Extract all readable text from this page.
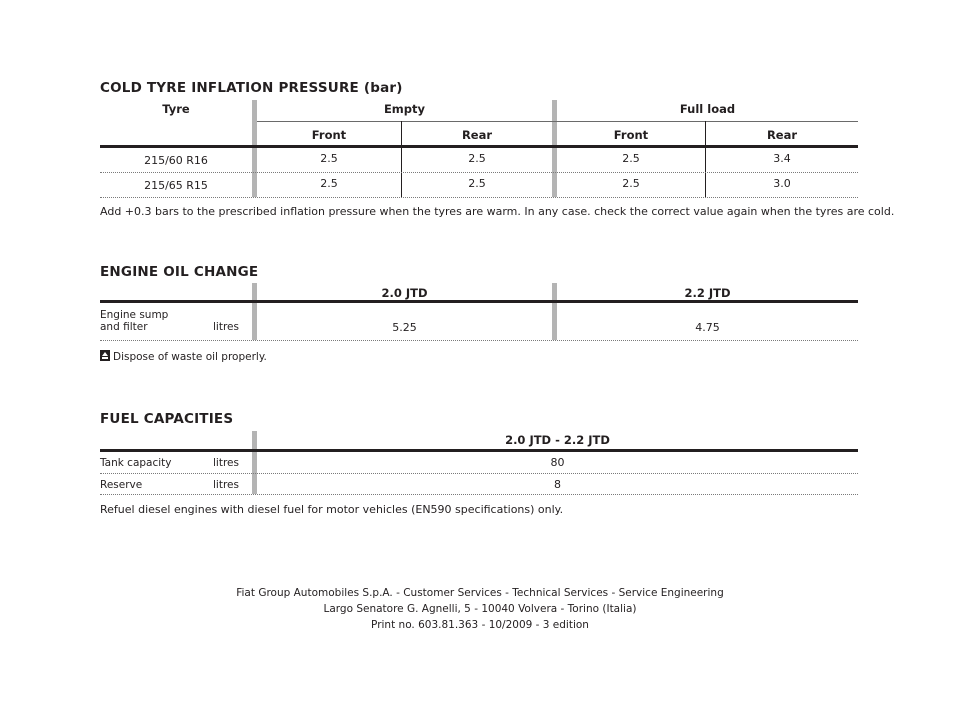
COLD TYRE INFLATION PRESSURE (bar)
Tyre	Empty	Full load
Front	Rear	Front	Rear
215/60 R16	2.5	2.5	2.5	3.4
215/65 R15	2.5	2.5	2.5	3.0
Add +0.3 bars to the prescribed inflation pressure when the tyres are warm. In any case. check the correct value again when the tyres are cold.
ENGINE OIL CHANGE
2.0 JTD	2.2 JTD
Engine sump
and filter	litres	5.25	4.75
Dispose of waste oil properly.
FUEL CAPACITIES
2.0 JTD - 2.2 JTD
Tank capacity	litres	80
Reserve	litres	8
Refuel diesel engines with diesel fuel for motor vehicles (EN590 specifications) only.
Fiat Group Automobiles S.p.A. - Customer Services - Technical Services - Service Engineering
Largo Senatore G. Agnelli, 5 - 10040 Volvera - Torino (Italia)
Print no. 603.81.363 - 10/2009 - 3 edition
